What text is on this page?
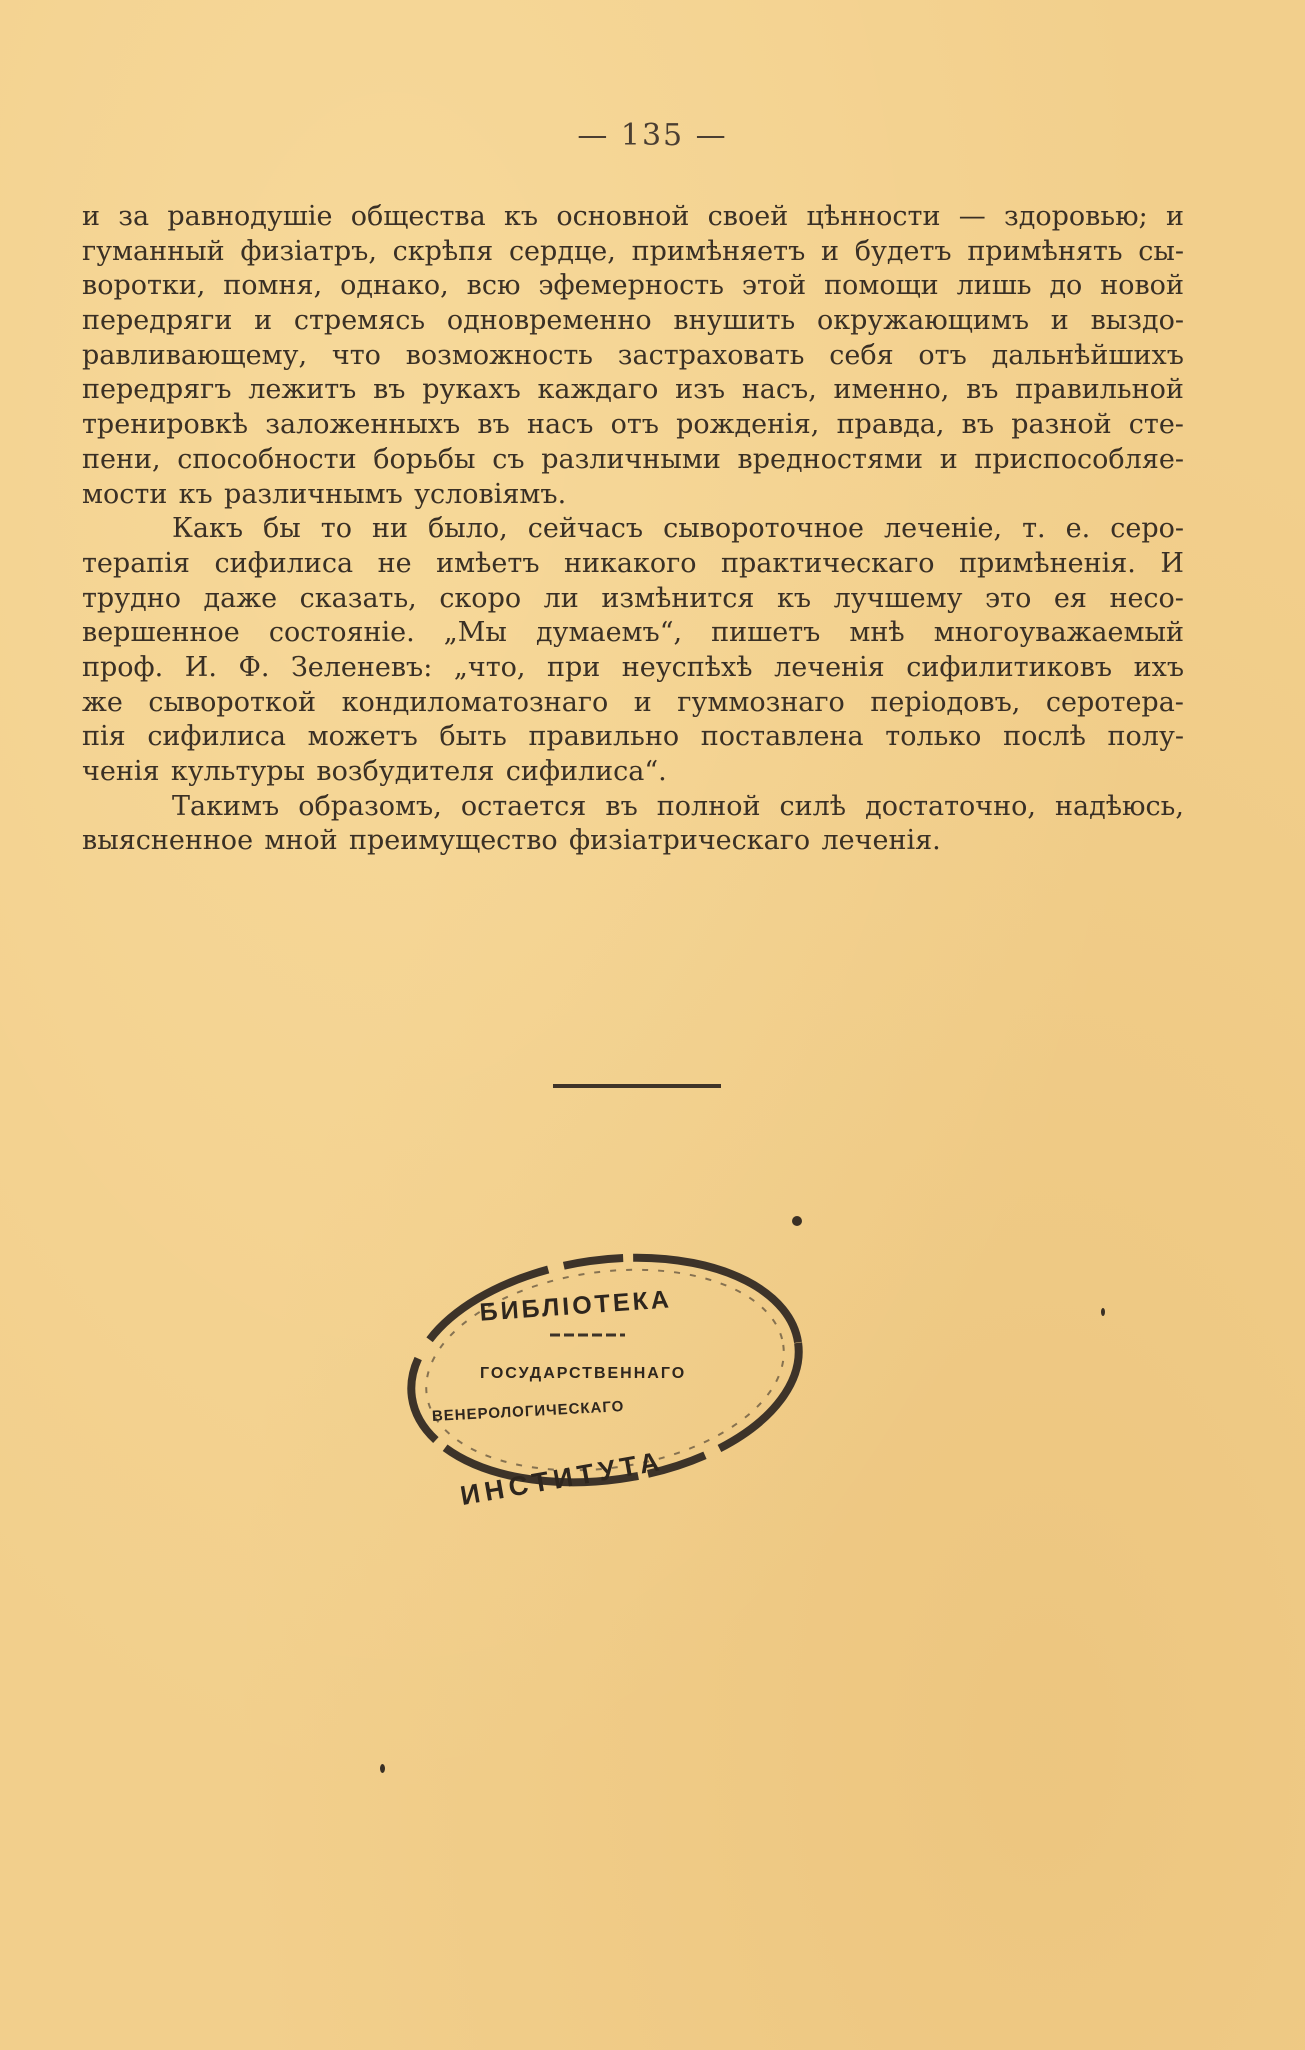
— 135 —
и за равнодушіе общества къ основной своей цѣнности — здоровью; и
гуманный физіатръ, скрѣпя сердце, примѣняетъ и будетъ примѣнять сы-
воротки, помня, однако, всю эфемерность этой помощи лишь до новой
передряги и стремясь одновременно внушить окружающимъ и выздо-
равливающему, что возможность застраховать себя отъ дальнѣйшихъ
передрягъ лежитъ въ рукахъ каждаго изъ насъ, именно, въ правильной
тренировкѣ заложенныхъ въ насъ отъ рожденія, правда, въ разной сте-
пени, способности борьбы съ различными вредностями и приспособляе-
мости къ различнымъ условіямъ.
Какъ бы то ни было, сейчасъ сывороточное леченіе, т. е. серо-
терапія сифилиса не имѣетъ никакого практическаго примѣненія. И
трудно даже сказать, скоро ли измѣнится къ лучшему это ея несо-
вершенное состояніе. „Мы думаемъ“, пишетъ мнѣ многоуважаемый
проф. И. Ф. Зеленевъ: „что, при неуспѣхѣ леченія сифилитиковъ ихъ
же сывороткой кондиломатознаго и гуммознаго періодовъ, серотера-
пія сифилиса можетъ быть правильно поставлена только послѣ полу-
ченія культуры возбудителя сифилиса“.
Такимъ образомъ, остается въ полной силѣ достаточно, надѣюсь,
выясненное мной преимущество физіатрическаго леченія.
БИБЛІОТЕКА
ГОСУДАРСТВЕННАГО
ВЕНЕРОЛОГИЧЕСКАГО
ИНСТИТУТА
